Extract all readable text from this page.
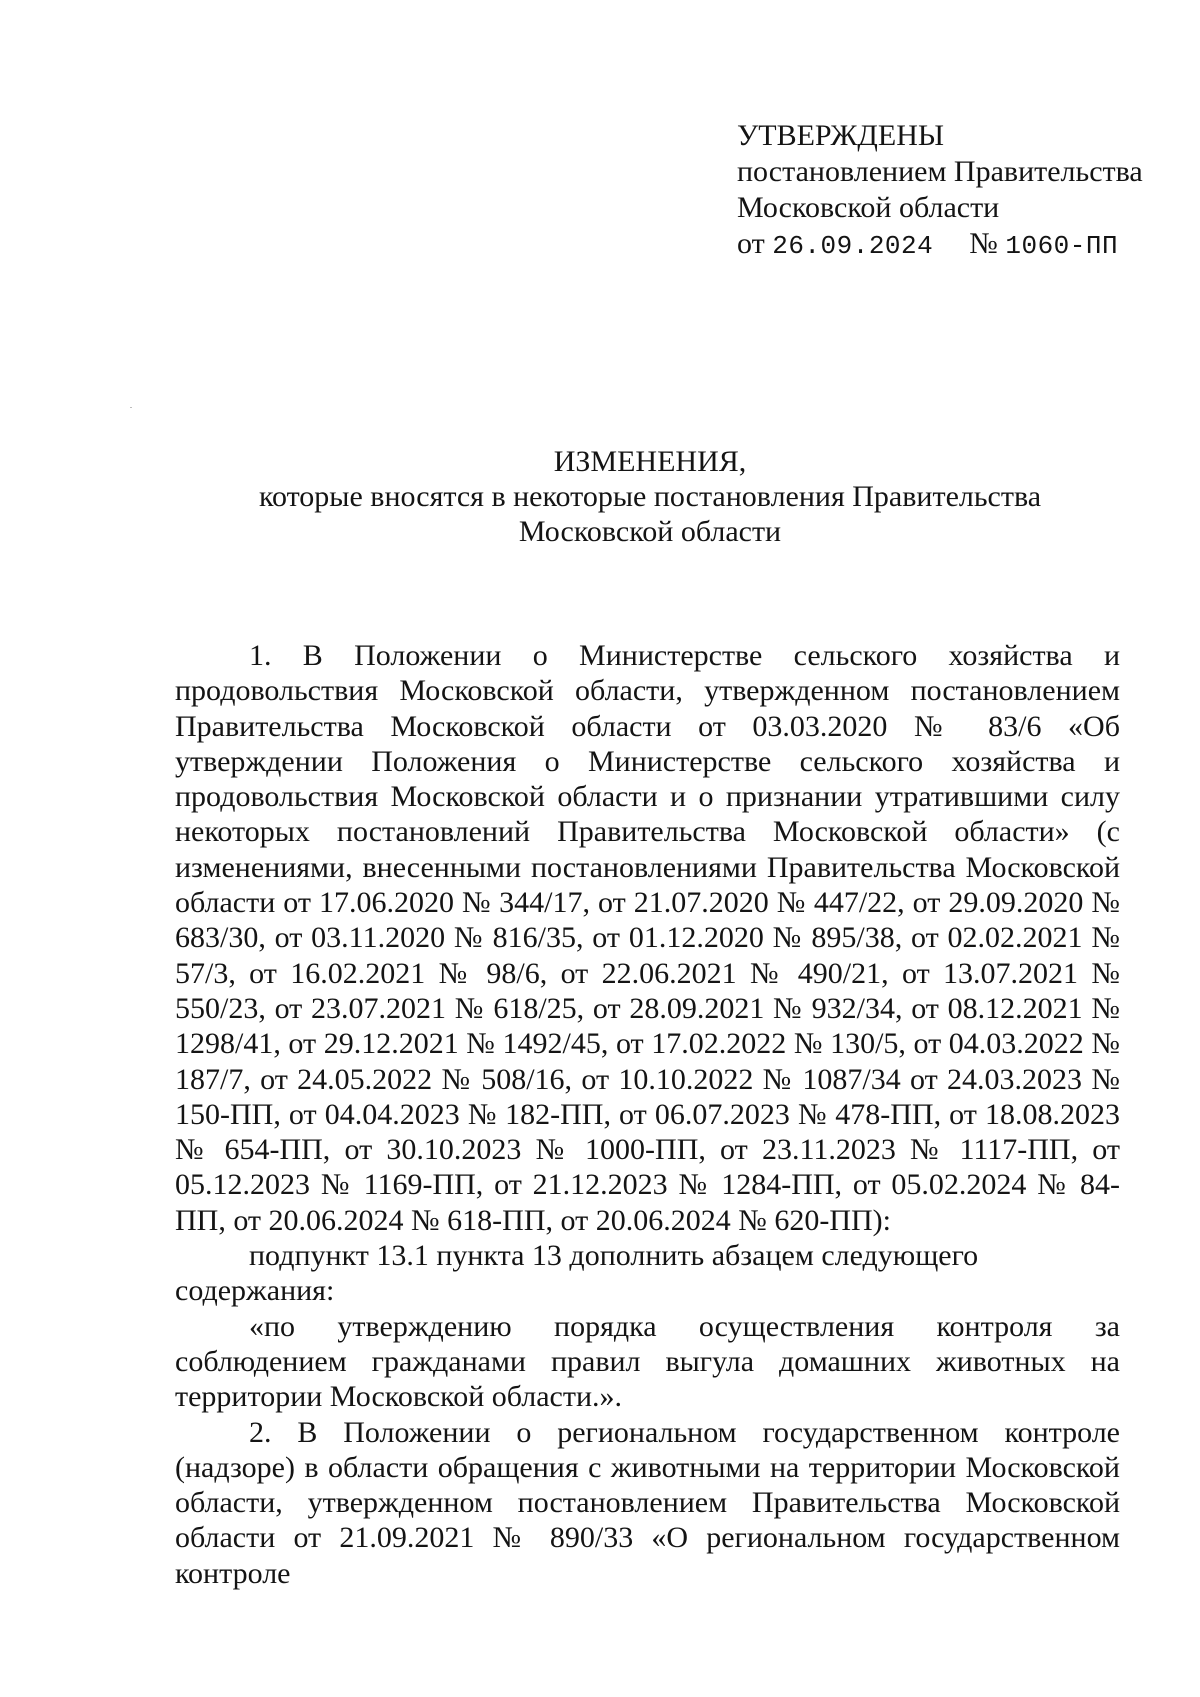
УТВЕРЖДЕНЫ
постановлением Правительства
Московской области
от 26.09.2024 № 1060-ПП
ИЗМЕНЕНИЯ,
которые вносятся в некоторые постановления Правительства
Московской области

1. В Положении о Министерстве сельского хозяйства и продовольствия Московской области, утвержденном постановлением Правительства Московской области от 03.03.2020 № 83/6 «Об утверждении Положения о Министерстве сельского хозяйства и продовольствия Московской области и о признании утратившими силу некоторых постановлений Правительства Московской области» (с изменениями, внесенными постановлениями Правительства Московской области от 17.06.2020 № 344/17, от 21.07.2020 № 447/22, от 29.09.2020 № 683/30, от 03.11.2020 № 816/35, от 01.12.2020 № 895/38, от 02.02.2021 № 57/3, от 16.02.2021 № 98/6, от 22.06.2021 № 490/21, от 13.07.2021 № 550/23, от 23.07.2021 № 618/25, от 28.09.2021 № 932/34, от 08.12.2021 № 1298/41, от 29.12.2021 № 1492/45, от 17.02.2022 № 130/5, от 04.03.2022 № 187/7, от 24.05.2022 № 508/16, от 10.10.2022 № 1087/34 от 24.03.2023 № 150-ПП, от 04.04.2023 № 182-ПП, от 06.07.2023 № 478-ПП, от 18.08.2023 № 654-ПП, от 30.10.2023 № 1000-ПП, от 23.11.2023 № 1117-ПП, от 05.12.2023 № 1169-ПП, от 21.12.2023 № 1284-ПП, от 05.02.2024 № 84-ПП, от 20.06.2024 № 618-ПП, от 20.06.2024 № 620-ПП):

подпункт 13.1 пункта 13 дополнить абзацем следующего содержания:

«по утверждению порядка осуществления контроля за соблюдением гражданами правил выгула домашних животных на территории Московской области.».

2. В Положении о региональном государственном контроле (надзоре) в области обращения с животными на территории Московской области, утвержденном постановлением Правительства Московской области от 21.09.2021 № 890/33 «О региональном государственном контроле
